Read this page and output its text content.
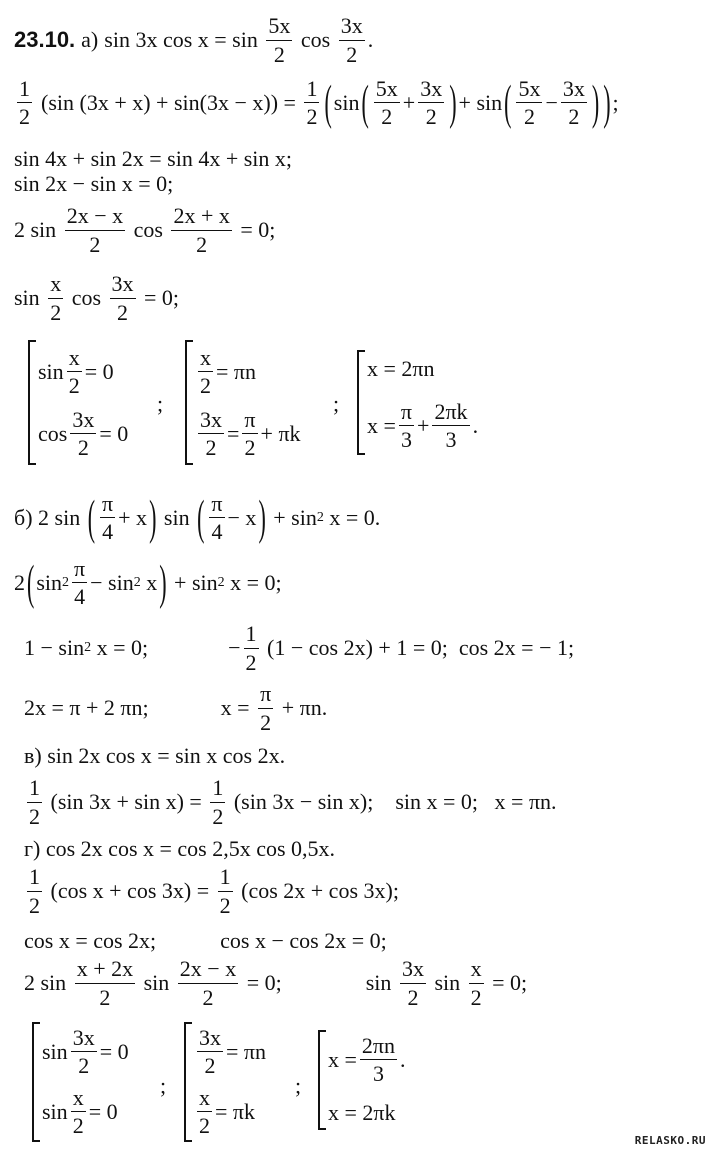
23.10. а) sin 3x $\cos x = \sin \frac{5x}{2}$ $\cos \frac{3x}{2}$ .
$\frac{1}{2} (\sin$ $(3x + x) + \sin(3x - x)) = \frac{1}{2}$ ( sin ( $\frac{5x}{2} + \frac{3x}{2}$ ) + sin ( $\frac{5x}{2} - \frac{3x}{2}$ ) ) ;
sin 4x + sin 2x = sin 4x + sin x;
sin 2x − sin x = 0;
2 $\sin \frac{2x - x}{2}$ $\cos \frac{2x + x}{2} = 0$;
$\sin \frac{x}{2}$ $\cos \frac{3x}{2} = 0$;
$\sin \frac{x}{2} = 0$
$\cos \frac{3x}{2} = 0$
;
$\frac{x}{2} = \pi n$
$\frac{3x}{2} = \frac{\pi}{2} + \pi k$
;
x = 2πn
$x = \frac{\pi}{3} + \frac{2\pi k}{3}$ .
б) 2 sin ( $\frac{\pi}{4} + x$ ) sin ( $\frac{\pi}{4} - x$ ) + sin 2 x = 0.
2 ( $\sin 2 \frac{\pi}{4} - \sin 2$ x ) + sin 2 x = 0;
1 − sin 2 x = 0;	− $\frac{1}{2} (1 - \cos 2x) + 1 = 0$;  cos 2x = − 1;
2x = π + 2 πn;	$x = \frac{\pi}{2} + \pi n$.
в) sin 2x cos x = sin x cos 2x.
$\frac{1}{2} (\sin$ $3x + \sin x) = \frac{1}{2} (\sin$ 3x − sin x);    sin x = 0;   x = πn.
г) cos 2x cos x = cos 2,5x cos 0,5x.
$\frac{1}{2} (\cos$ $x + \cos 3x) = \frac{1}{2} (\cos$ 2x + cos 3x);
cos x = cos 2x;	cos x − cos 2x = 0;
2 $\sin \frac{x + 2x}{2}$ $\sin \frac{2x - x}{2} = 0$;	$\sin \frac{3x}{2}$ $\sin \frac{x}{2} = 0$;
$\sin \frac{3x}{2} = 0$
$\sin \frac{x}{2} = 0$
;
$\frac{3x}{2} = \pi n$
$\frac{x}{2} = \pi k$
;
$x = \frac{2\pi n}{3}$ .
x = 2πk
RELASKO.RU
